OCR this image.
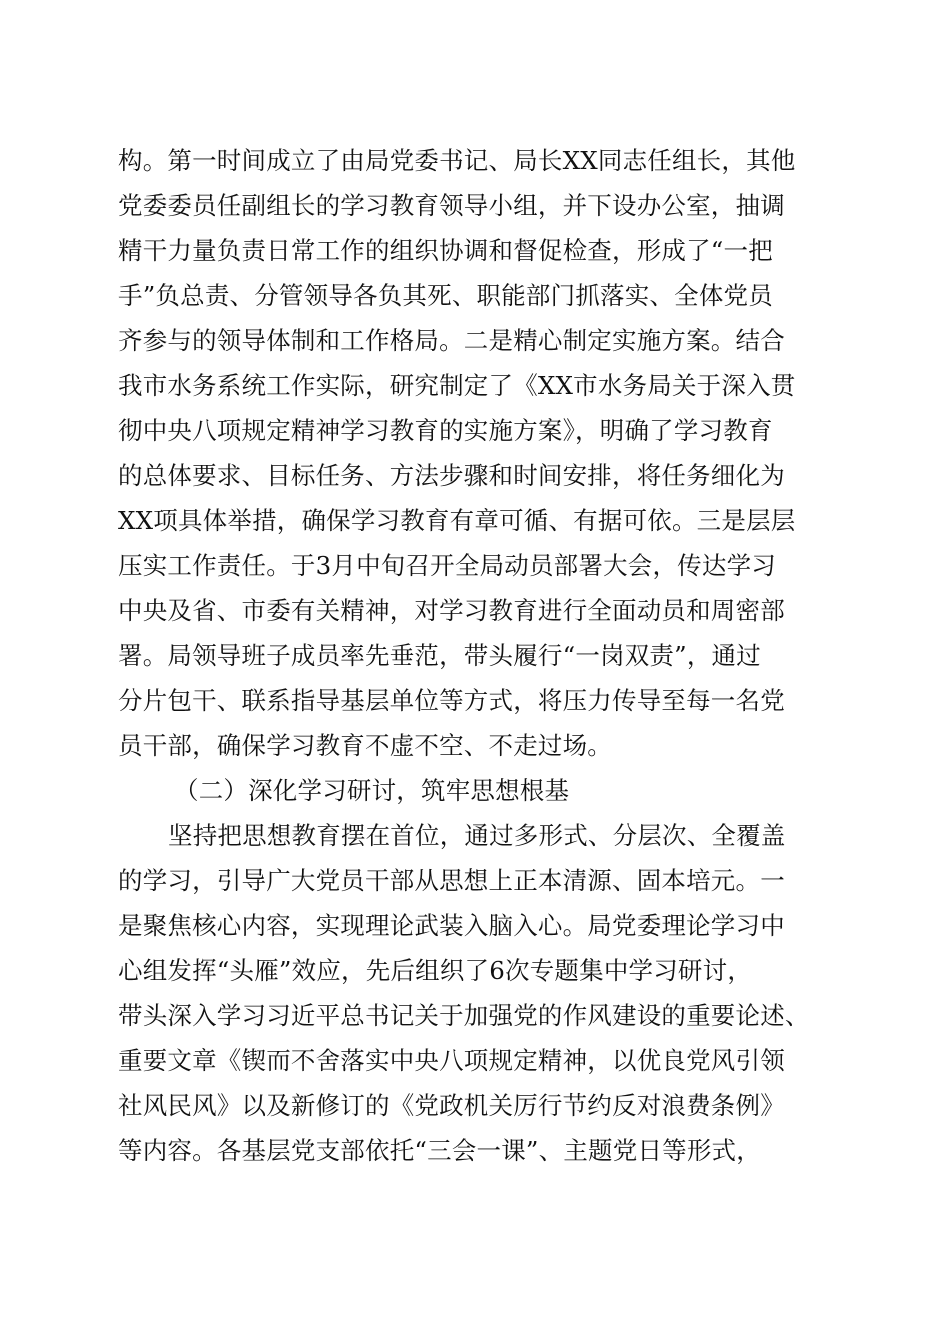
构。第一时间成立了由局党委书记、局长XX同志任组长，其他
党委委员任副组长的学习教育领导小组，并下设办公室，抽调
精干力量负责日常工作的组织协调和督促检查，形成了“一把
手”负总责、分管领导各负其死、职能部门抓落实、全体党员
齐参与的领导体制和工作格局。二是精心制定实施方案。结合
我市水务系统工作实际，研究制定了《XX市水务局关于深入贯
彻中央八项规定精神学习教育的实施方案》，明确了学习教育
的总体要求、目标任务、方法步骤和时间安排，将任务细化为
XX项具体举措，确保学习教育有章可循、有据可依。三是层层
压实工作责任。于3月中旬召开全局动员部署大会，传达学习
中央及省、市委有关精神，对学习教育进行全面动员和周密部
署。局领导班子成员率先垂范，带头履行“一岗双责”，通过
分片包干、联系指导基层单位等方式，将压力传导至每一名党
员干部，确保学习教育不虚不空、不走过场。
（二）深化学习研讨，筑牢思想根基
坚持把思想教育摆在首位，通过多形式、分层次、全覆盖
的学习，引导广大党员干部从思想上正本清源、固本培元。一
是聚焦核心内容，实现理论武装入脑入心。局党委理论学习中
心组发挥“头雁”效应，先后组织了6次专题集中学习研讨，
带头深入学习习近平总书记关于加强党的作风建设的重要论述、
重要文章《锲而不舍落实中央八项规定精神，以优良党风引领
社风民风》以及新修订的《党政机关厉行节约反对浪费条例》
等内容。各基层党支部依托“三会一课”、主题党日等形式，
